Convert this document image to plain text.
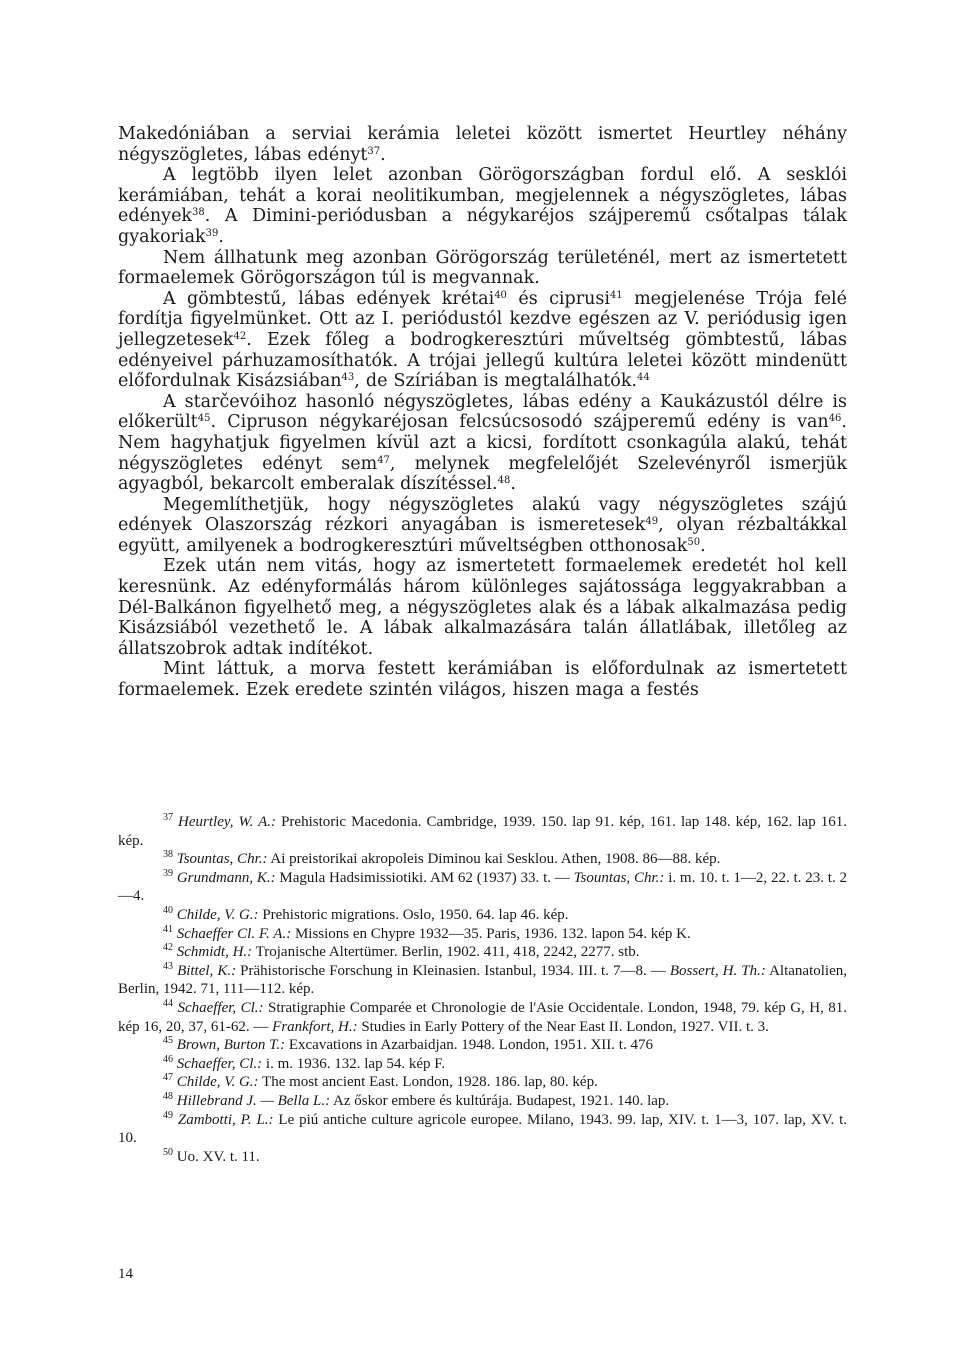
Makedóniában a serviai kerámia leletei között ismertet Heurtley néhány négyszögletes, lábas edényt$^{37}$.

A legtöbb ilyen lelet azonban Görögországban fordul elő. A sesklói kerámiában, tehát a korai neolitikumban, megjelennek a négyszögletes, lábas edények$^{38}$. A Dimini-periódusban a négykaréjos szájperemű csőtalpas tálak gyakoriak$^{39}$.

Nem állhatunk meg azonban Görögország területénél, mert az ismertetett formaelemek Görögországon túl is megvannak.

A gömbtestű, lábas edények krétai$^{40}$ és ciprusi$^{41}$ megjelenése Trója felé fordítja figyelmünket. Ott az I. periódustól kezdve egészen az V. periódusig igen jellegzetesek$^{42}$. Ezek főleg a bodrogkeresztúri műveltség gömbtestű, lábas edényeivel párhuzamosíthatók. A trójai jellegű kultúra leletei között mindenütt előfordulnak Kisázsiában$^{43}$, de Szíriában is megtalálhatók.$^{44}$

A starčevóihoz hasonló négyszögletes, lábas edény a Kaukázustól délre is előkerült$^{45}$. Cipruson négykaréjosan felcsúcsosodó szájperemű edény is van$^{46}$. Nem hagyhatjuk figyelmen kívül azt a kicsi, fordított csonkagúla alakú, tehát négyszögletes edényt sem$^{47}$, melynek megfelelőjét Szelevényről ismerjük agyagból, bekarcolt emberalak díszítéssel.$^{48}$.

Megemlíthetjük, hogy négyszögletes alakú vagy négyszögletes szájú edények Olaszország rézkori anyagában is ismeretesek$^{49}$, olyan rézbaltákkal együtt, amilyenek a bodrogkeresztúri műveltségben otthonosak$^{50}$.

Ezek után nem vitás, hogy az ismertetett formaelemek eredetét hol kell keresnünk. Az edényformálás három különleges sajátossága leggyakrabban a Dél-Balkánon figyelhető meg, a négyszögletes alak és a lábak alkalmazása pedig Kisázsiából vezethető le. A lábak alkalmazására talán állatlábak, illetőleg az állatszobrok adtak indítékot.

Mint láttuk, a morva festett kerámiában is előfordulnak az ismertetett formaelemek. Ezek eredete szintén világos, hiszen maga a festés

$^{37}$ Heurtley, W. A.: Prehistoric Macedonia. Cambridge, 1939. 150. lap 91. kép, 161. lap 148. kép, 162. lap 161. kép.

$^{38}$ Tsountas, Chr.: Ai preistorikai akropoleis Diminou kai Sesklou. Athen, 1908. 86—88. kép.

$^{39}$ Grundmann, K.: Magula Hadsimissiotiki. AM 62 (1937) 33. t. — Tsountas, Chr.: i. m. 10. t. 1—2, 22. t. 23. t. 2—4.

$^{40}$ Childe, V. G.: Prehistoric migrations. Oslo, 1950. 64. lap 46. kép.

$^{41}$ Schaeffer Cl. F. A.: Missions en Chypre 1932—35. Paris, 1936. 132. lapon 54. kép K.

$^{42}$ Schmidt, H.: Trojanische Altertümer. Berlin, 1902. 411, 418, 2242, 2277. stb.

$^{43}$ Bittel, K.: Prähistorische Forschung in Kleinasien. Istanbul, 1934. III. t. 7—8. — Bossert, H. Th.: Altanatolien, Berlin, 1942. 71, 111—112. kép.

$^{44}$ Schaeffer, Cl.: Stratigraphie Comparée et Chronologie de l'Asie Occidentale. London, 1948, 79. kép G, H, 81. kép 16, 20, 37, 61-62. — Frankfort, H.: Studies in Early Pottery of the Near East II. London, 1927. VII. t. 3.

$^{45}$ Brown, Burton T.: Excavations in Azarbaidjan. 1948. London, 1951. XII. t. 476

$^{46}$ Schaeffer, Cl.: i. m. 1936. 132. lap 54. kép F.

$^{47}$ Childe, V. G.: The most ancient East. London, 1928. 186. lap, 80. kép.

$^{48}$ Hillebrand J. — Bella L.: Az őskor embere és kultúrája. Budapest, 1921. 140. lap.

$^{49}$ Zambotti, P. L.: Le piú antiche culture agricole europee. Milano, 1943. 99. lap, XIV. t. 1—3, 107. lap, XV. t. 10.

$^{50}$ Uo. XV. t. 11.

14
